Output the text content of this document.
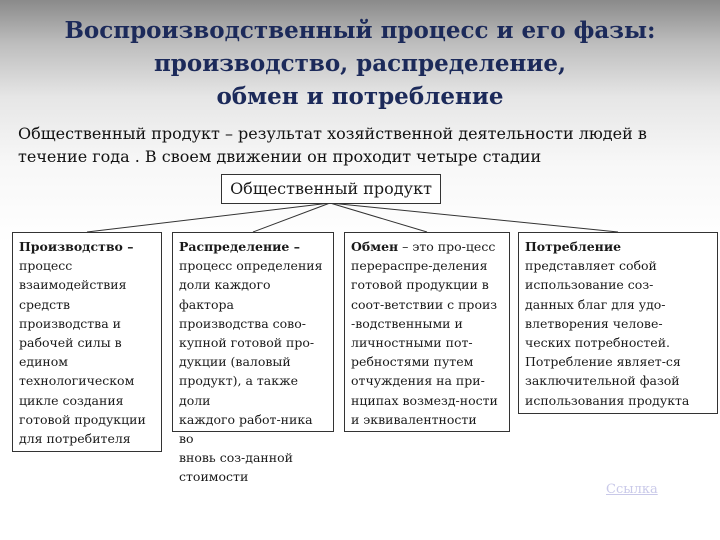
Воспроизводственный процесс и его фазы:
производство, распределение,
обмен и потребление
Общественный продукт – результат хозяйственной деятельности людей в течение года . В своем движении он проходит четыре стадии
Общественный продукт
Производство –
процесс
взаимодействия
средств
производства и
рабочей силы в
едином
технологическом
цикле создания
готовой продукции
для потребителя
Распределение –
процесс определения
доли каждого фактора
производства сово-
купной готовой про-
дукции (валовый
продукт), а также доли
каждого работ-ника во
вновь соз-данной
стоимости
Обмен – это про-цесс
перераспре-деления
готовой продукции в
соот-ветствии с произ
-водственными и
личностными пот-
ребностями путем
отчуждения на при-
нципах возмезд-ности
и эквивалентности
Потребление
представляет собой
использование соз-
данных благ для удо-
влетворения челове-
ческих потребностей.
Потребление являет-ся
заключительной фазой
использования продукта
Ссылка
